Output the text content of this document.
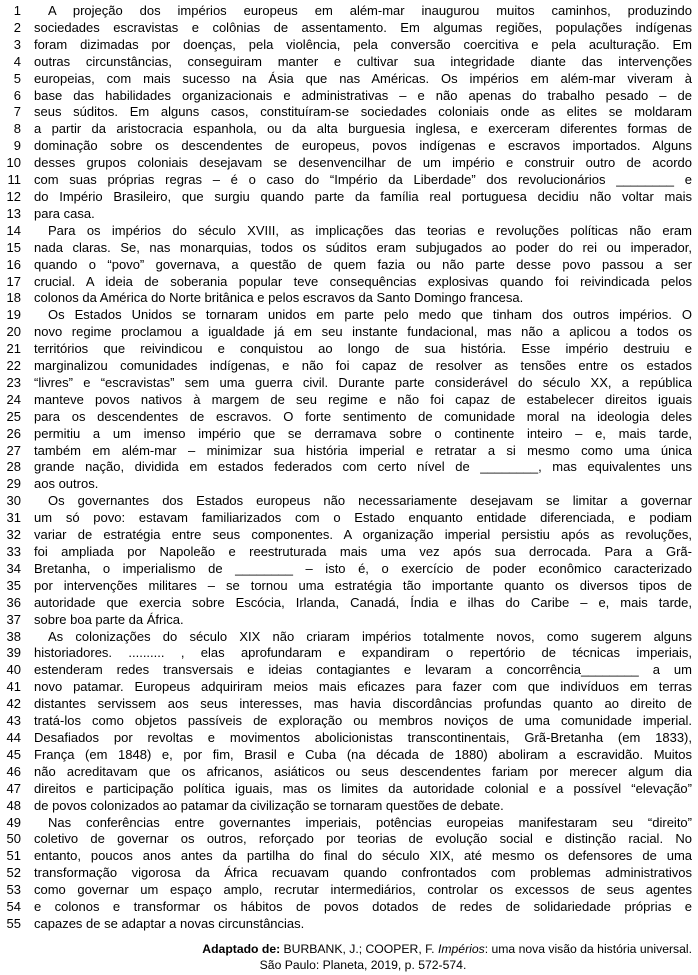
1	A projeção dos impérios europeus em além-mar inaugurou muitos caminhos, produzindo
2 sociedades escravistas e colônias de assentamento. Em algumas regiões, populações indígenas
3 foram dizimadas por doenças, pela violência, pela conversão coercitiva e pela aculturação. Em
4 outras circunstâncias, conseguiram manter e cultivar sua integridade diante das intervenções
5 europeias, com mais sucesso na Ásia que nas Américas. Os impérios em além-mar viveram à
6 base das habilidades organizacionais e administrativas – e não apenas do trabalho pesado – de
7 seus súditos. Em alguns casos, constituíram-se sociedades coloniais onde as elites se moldaram
8 a partir da aristocracia espanhola, ou da alta burguesia inglesa, e exerceram diferentes formas de
9 dominação sobre os descendentes de europeus, povos indígenas e escravos importados. Alguns
10 desses grupos coloniais desejavam se desenvencilhar de um império e construir outro de acordo
11 com suas próprias regras – é o caso do “Império da Liberdade” dos revolucionários ________ e
12 do Império Brasileiro, que surgiu quando parte da família real portuguesa decidiu não voltar mais
13 para casa.
14	Para os impérios do século XVIII, as implicações das teorias e revoluções políticas não eram
15 nada claras. Se, nas monarquias, todos os súditos eram subjugados ao poder do rei ou imperador,
16 quando o “povo” governava, a questão de quem fazia ou não parte desse povo passou a ser
17 crucial. A ideia de soberania popular teve consequências explosivas quando foi reivindicada pelos
18 colonos da América do Norte britânica e pelos escravos da Santo Domingo francesa.
19	Os Estados Unidos se tornaram unidos em parte pelo medo que tinham dos outros impérios. O
20 novo regime proclamou a igualdade já em seu instante fundacional, mas não a aplicou a todos os
21 territórios que reivindicou e conquistou ao longo de sua história. Esse império destruiu e
22 marginalizou comunidades indígenas, e não foi capaz de resolver as tensões entre os estados
23 “livres” e “escravistas” sem uma guerra civil. Durante parte considerável do século XX, a república
24 manteve povos nativos à margem de seu regime e não foi capaz de estabelecer direitos iguais
25 para os descendentes de escravos. O forte sentimento de comunidade moral na ideologia deles
26 permitiu a um imenso império que se derramava sobre o continente inteiro – e, mais tarde,
27 também em além-mar – minimizar sua história imperial e retratar a si mesmo como uma única
28 grande nação, dividida em estados federados com certo nível de ________, mas equivalentes uns
29 aos outros.
30	Os governantes dos Estados europeus não necessariamente desejavam se limitar a governar
31 um só povo: estavam familiarizados com o Estado enquanto entidade diferenciada, e podiam
32 variar de estratégia entre seus componentes. A organização imperial persistiu após as revoluções,
33 foi ampliada por Napoleão e reestruturada mais uma vez após sua derrocada. Para a Grã-
34 Bretanha, o imperialismo de ________ – isto é, o exercício de poder econômico caracterizado
35 por intervenções militares – se tornou uma estratégia tão importante quanto os diversos tipos de
36 autoridade que exercia sobre Escócia, Irlanda, Canadá, Índia e ilhas do Caribe – e, mais tarde,
37 sobre boa parte da África.
38	As colonizações do século XIX não criaram impérios totalmente novos, como sugerem alguns
39 historiadores. .......... , elas aprofundaram e expandiram o repertório de técnicas imperiais,
40 estenderam redes transversais e ideias contagiantes e levaram a concorrência________ a um
41 novo patamar. Europeus adquiriram meios mais eficazes para fazer com que indivíduos em terras
42 distantes servissem aos seus interesses, mas havia discordâncias profundas quanto ao direito de
43 tratá-los como objetos passíveis de exploração ou membros noviços de uma comunidade imperial.
44 Desafiados por revoltas e movimentos abolicionistas transcontinentais, Grã-Bretanha (em 1833),
45 França (em 1848) e, por fim, Brasil e Cuba (na década de 1880) aboliram a escravidão. Muitos
46 não acreditavam que os africanos, asiáticos ou seus descendentes fariam por merecer algum dia
47 direitos e participação política iguais, mas os limites da autoridade colonial e a possível “elevação”
48 de povos colonizados ao patamar da civilização se tornaram questões de debate.
49	Nas conferências entre governantes imperiais, potências europeias manifestaram seu “direito”
50 coletivo de governar os outros, reforçado por teorias de evolução social e distinção racial. No
51 entanto, poucos anos antes da partilha do final do século XIX, até mesmo os defensores de uma
52 transformação vigorosa da África recuavam quando confrontados com problemas administrativos
53 como governar um espaço amplo, recrutar intermediários, controlar os excessos de seus agentes
54 e colonos e transformar os hábitos de povos dotados de redes de solidariedade próprias e
55 capazes de se adaptar a novas circunstâncias.
Adaptado de: BURBANK, J.; COOPER, F. Impérios: uma nova visão da história universal.
São Paulo: Planeta, 2019, p. 572-574.
